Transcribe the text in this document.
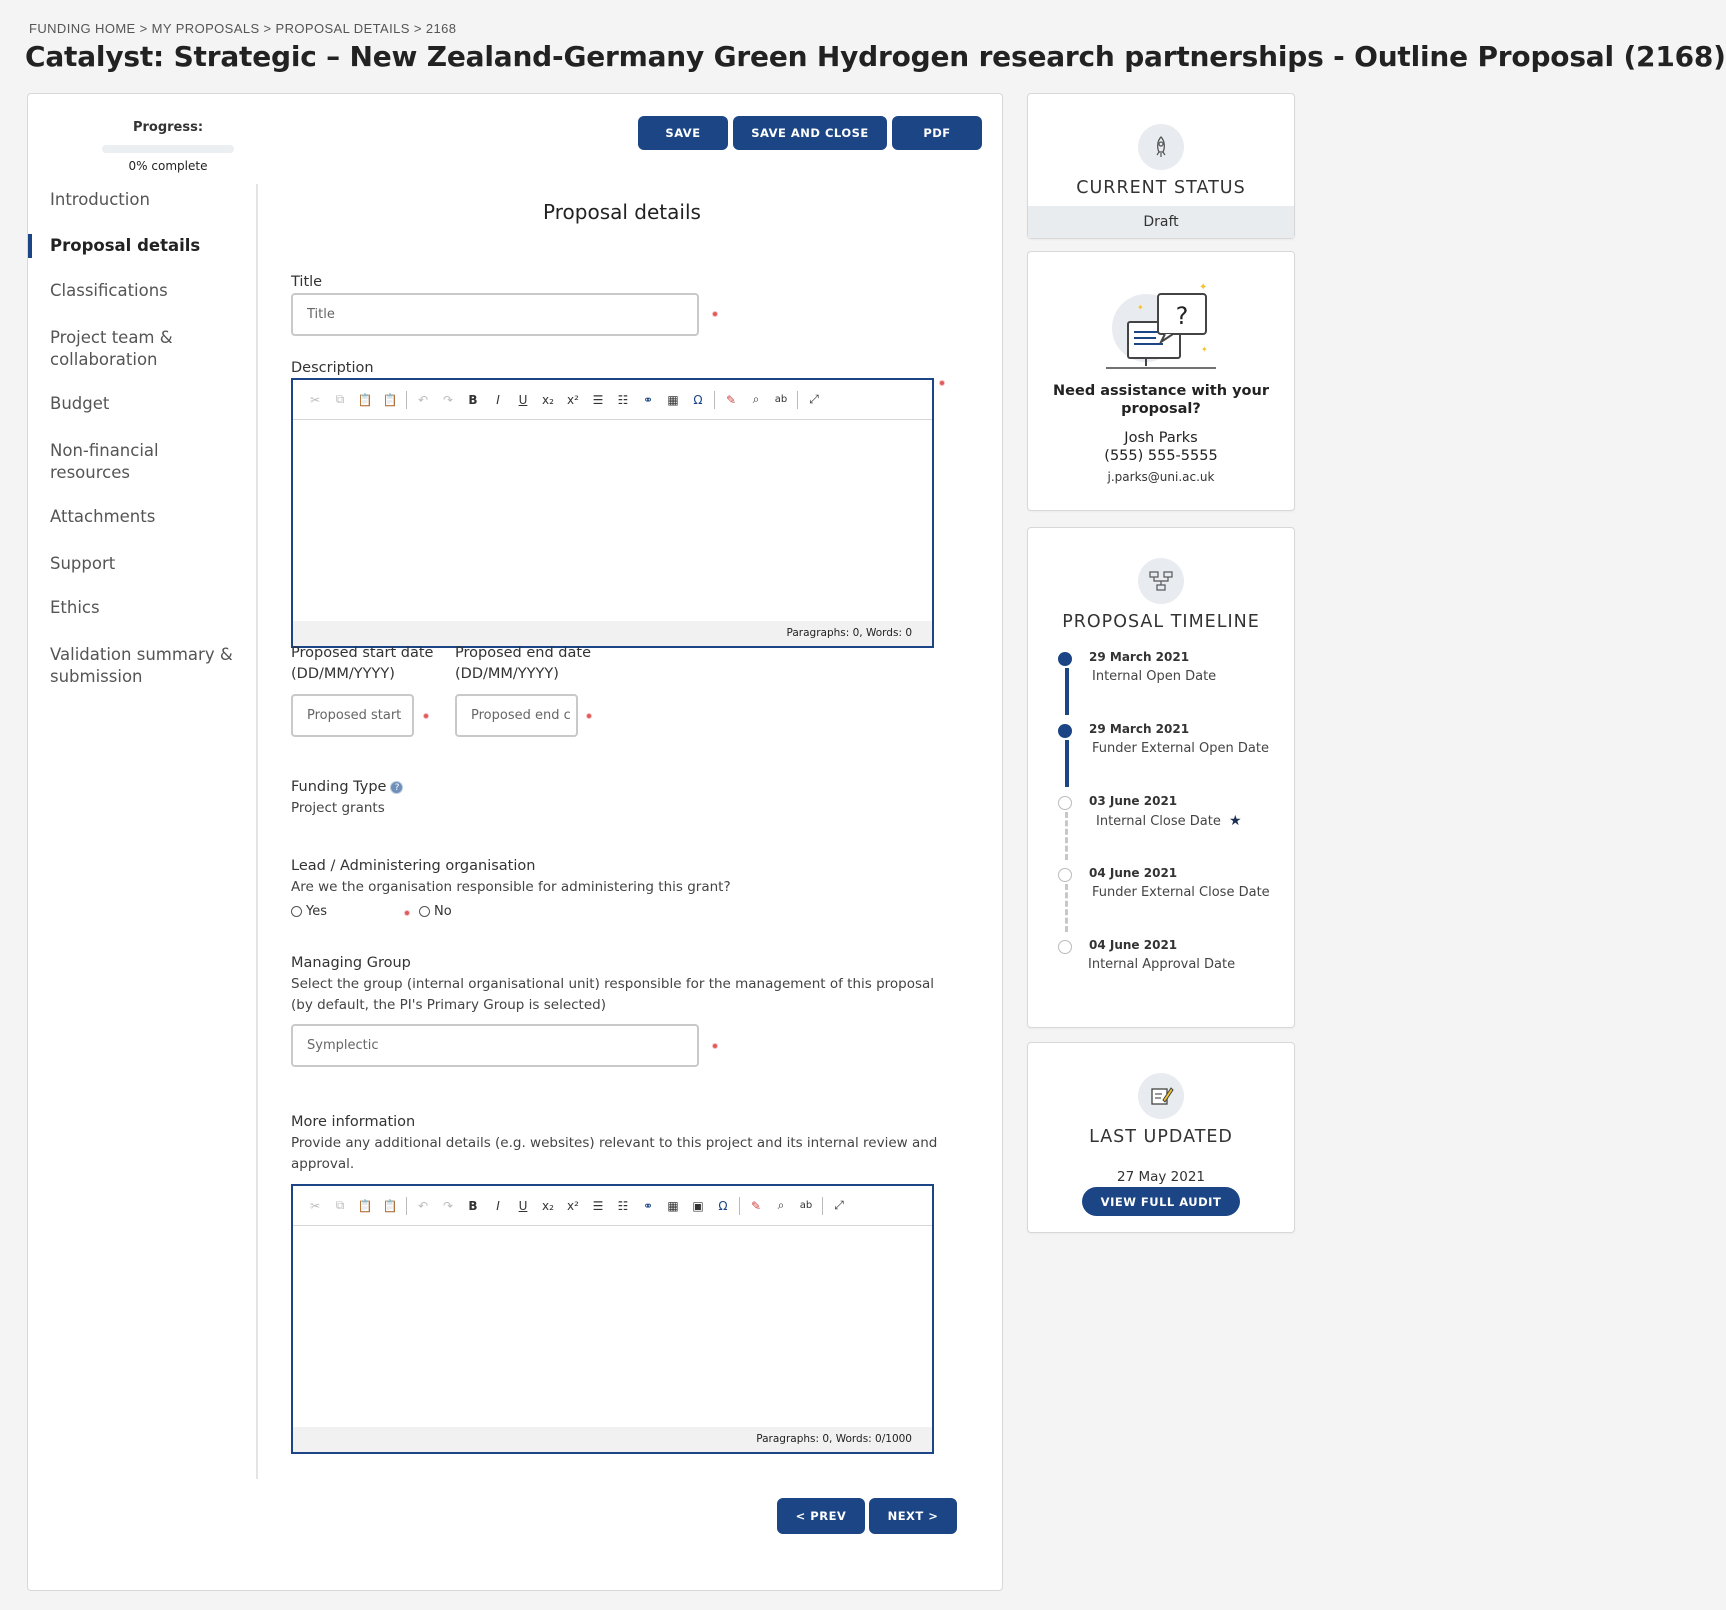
FUNDING HOME > MY PROPOSALS > PROPOSAL DETAILS > 2168
Catalyst: Strategic – New Zealand-Germany Green Hydrogen research partnerships - Outline Proposal (2168)
Progress:
0% complete
SAVE	SAVE AND CLOSE	PDF
Introduction
Proposal details
Classifications
Project team & collaboration
Budget
Non-financial resources
Attachments
Support
Ethics
Validation summary & submission
Proposal details
Title
Title
Description
✂	⧉	📋 📋	↶	↷	B	I	U	x₂	x²	☰	☷	⚭	▦	Ω	✎	⌕	ab	⤢
Paragraphs: 0, Words: 0
Proposed start date (DD/MM/YYYY)
Proposed start
Proposed end date (DD/MM/YYYY)
Proposed end c
Funding Type ?
Project grants
Lead / Administering organisation
Are we the organisation responsible for administering this grant?
Yes	No
Managing Group
Select the group (internal organisational unit) responsible for the management of this proposal (by default, the PI's Primary Group is selected)
Symplectic
More information
Provide any additional details (e.g. websites) relevant to this project and its internal review and approval.
✂	⧉	📋 📋	↶	↷	B	I	U	x₂	x²	☰	☷	⚭	▦	▣	Ω	✎	⌕	ab	⤢
Paragraphs: 0, Words: 0/1000
< PREV	NEXT >
CURRENT STATUS
Draft
?
✦
✦
✦
Need assistance with your proposal?
Josh Parks
(555) 555-5555
j.parks@uni.ac.uk
PROPOSAL TIMELINE
29 March 2021
Internal Open Date
29 March 2021
Funder External Open Date
03 June 2021
Internal Close Date ★
04 June 2021
Funder External Close Date
04 June 2021
Internal Approval Date
LAST UPDATED
27 May 2021
VIEW FULL AUDIT
